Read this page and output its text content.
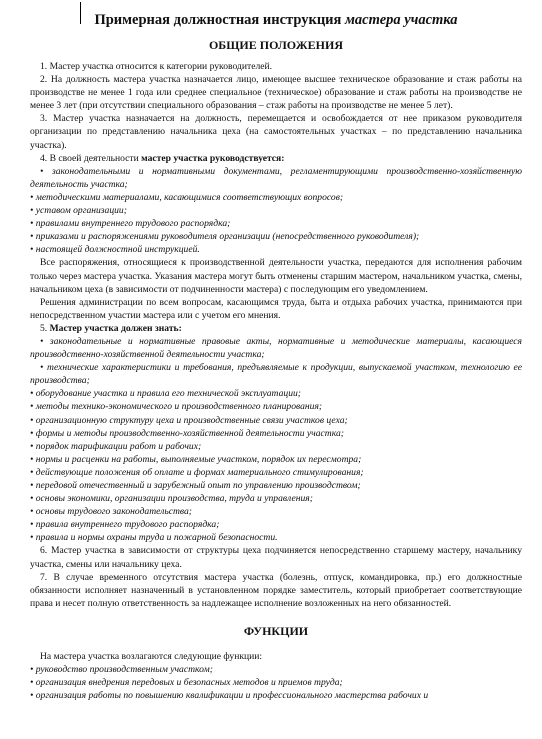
Примерная должностная инструкция мастера участка
ОБЩИЕ ПОЛОЖЕНИЯ

1. Мастер участка относится к категории руководителей.

2. На должность мастера участка назначается лицо, имеющее высшее техническое образование и стаж работы на производстве не менее 1 года или среднее специальное (техническое) образование и стаж работы на производстве не менее 3 лет (при отсутствии специального образования – стаж работы на производстве не менее 5 лет).

3. Мастер участка назначается на должность, перемещается и освобождается от нее приказом руководителя организации по представлению начальника цеха (на самостоятельных участках – по представлению начальника участка).

4. В своей деятельности мастер участка руководствуется:

• законодательными и нормативными документами, регламентирующими производственно-хозяйственную деятельность участка;

• методическими материалами, касающимися соответствующих вопросов;

• уставом организации;

• правилами внутреннего трудового распорядка;

• приказами и распоряжениями руководителя организации (непосредственного руководителя);

• настоящей должностной инструкцией.

Все распоряжения, относящиеся к производственной деятельности участка, передаются для исполнения рабочим только через мастера участка. Указания мастера могут быть отменены старшим мастером, начальником участка, смены, начальником цеха (в зависимости от подчиненности мастера) с последующим его уведомлением.

Решения администрации по всем вопросам, касающимся труда, быта и отдыха рабочих участка, принимаются при непосредственном участии мастера или с учетом его мнения.

5. Мастер участка должен знать:

• законодательные и нормативные правовые акты, нормативные и методические материалы, касающиеся производственно-хозяйственной деятельности участка;

• технические характеристики и требования, предъявляемые к продукции, выпускаемой участком, технологию ее производства;

• оборудование участка и правила его технической эксплуатации;

• методы технико-экономического и производственного планирования;

• организационную структуру цеха и производственные связи участков цеха;

• формы и методы производственно-хозяйственной деятельности участка;

• порядок тарификации работ и рабочих;

• нормы и расценки на работы, выполняемые участком, порядок их пересмотра;

• действующие положения об оплате и формах материального стимулирования;

• передовой отечественный и зарубежный опыт по управлению производством;

• основы экономики, организации производства, труда и управления;

• основы трудового законодательства;

• правила внутреннего трудового распорядка;

• правила и нормы охраны труда и пожарной безопасности.

6. Мастер участка в зависимости от структуры цеха подчиняется непосредственно старшему мастеру, начальнику участка, смены или начальнику цеха.

7. В случае временного отсутствия мастера участка (болезнь, отпуск, командировка, пр.) его должностные обязанности исполняет назначенный в установленном порядке заместитель, который приобретает соответствующие права и несет полную ответственность за надлежащее исполнение возложенных на него обязанностей.

ФУНКЦИИ

На мастера участка возлагаются следующие функции:

• руководство производственным участком;

• организация внедрения передовых и безопасных методов и приемов труда;

• организация работы по повышению квалификации и профессионального мастерства рабочих и
